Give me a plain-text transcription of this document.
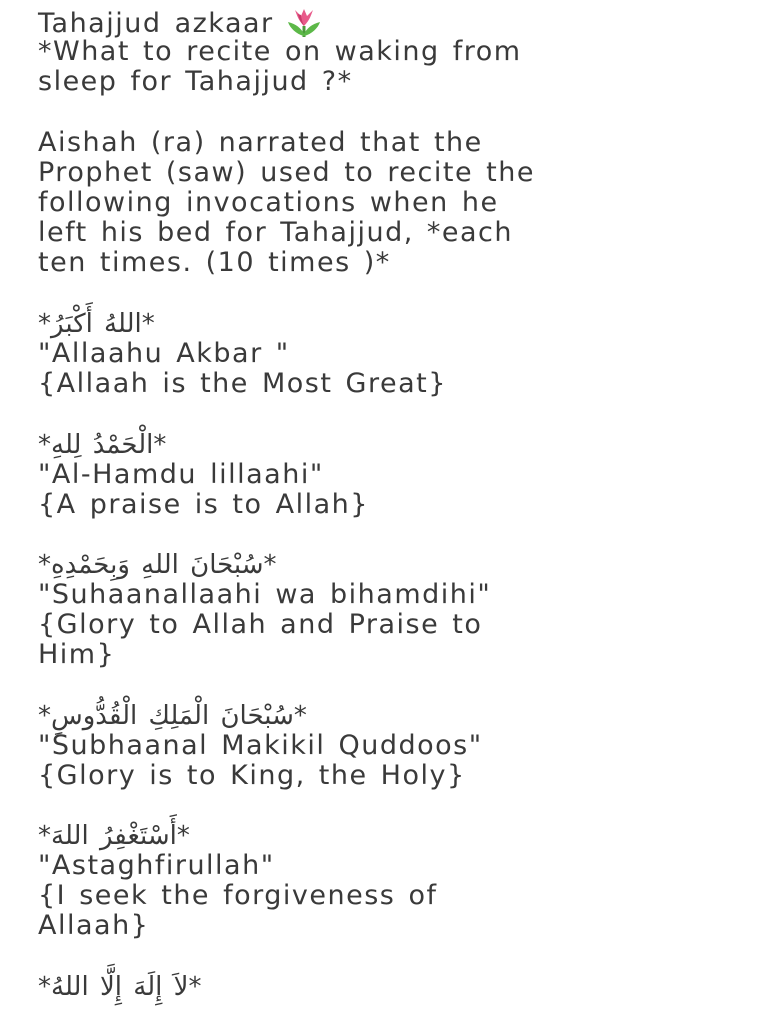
Tahajjud azkaar
*What to recite on waking from
sleep for Tahajjud ?*
Aishah (ra) narrated that the
Prophet (saw) used to recite the
following invocations when he
left his bed for Tahajjud, *each
ten times. (10 times )*
*اللهُ أَكْبَرُ*
"Allaahu Akbar "
{Allaah is the Most Great}
*الْحَمْدُ لِلهِ*
"Al-Hamdu lillaahi"
{A praise is to Allah}
*سُبْحَانَ اللهِ وَبِحَمْدِهِ*
"Suhaanallaahi wa bihamdihi"
{Glory to Allah and Praise to
Him}
*سُبْحَانَ الْمَلِكِ الْقُدُّوسِ*
"Subhaanal Makikil Quddoos"
{Glory is to King, the Holy}
*أَسْتَغْفِرُ اللهَ*
"Astaghfirullah"
{I seek the forgiveness of
Allaah}
*لاَ إِلَهَ إِلَّا اللهُ*
